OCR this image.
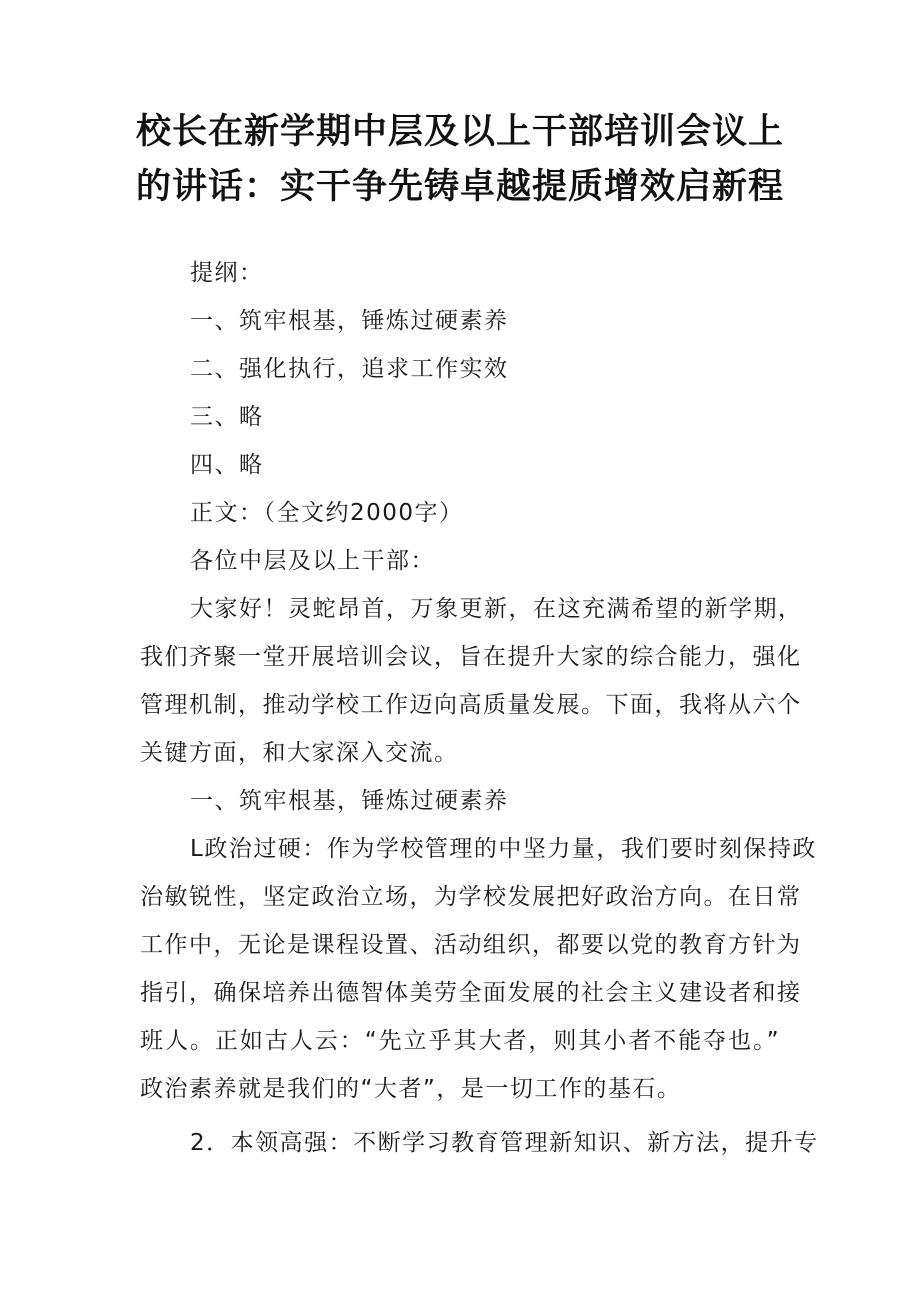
校长在新学期中层及以上干部培训会议上
的讲话：实干争先铸卓越提质增效启新程

提纲：

一、筑牢根基，锤炼过硬素养

二、强化执行，追求工作实效

三、略

四、略

正文：（全文约2000字）

各位中层及以上干部：

大家好！灵蛇昂首，万象更新，在这充满希望的新学期，

我们齐聚一堂开展培训会议，旨在提升大家的综合能力，强化

管理机制，推动学校工作迈向高质量发展。下面，我将从六个

关键方面，和大家深入交流。

一、筑牢根基，锤炼过硬素养

L政治过硬：作为学校管理的中坚力量，我们要时刻保持政

治敏锐性，坚定政治立场，为学校发展把好政治方向。在日常

工作中，无论是课程设置、活动组织，都要以党的教育方针为

指引，确保培养出德智体美劳全面发展的社会主义建设者和接

班人。正如古人云：“先立乎其大者，则其小者不能夺也。”

政治素养就是我们的“大者”，是一切工作的基石。

2．本领高强：不断学习教育管理新知识、新方法，提升专
